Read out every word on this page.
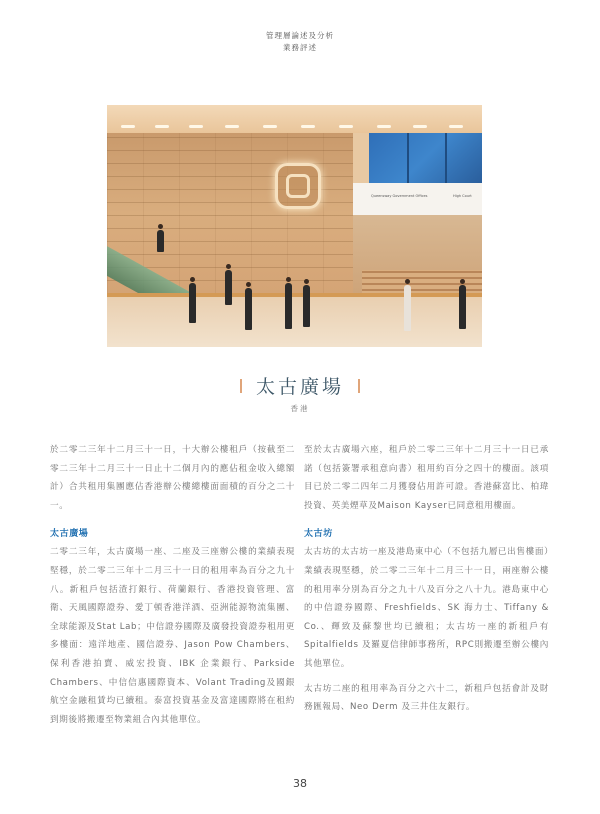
管理層論述及分析
業務評述
Queensway Government Offices	High Court
太古廣場
香港

於二零二三年十二月三十一日，十大辦公樓租戶（按截至二零二三年十二月三十一日止十二個月內的應佔租金收入總額計）合共租用集團應佔香港辦公樓總樓面面積的百分之二十一。

太古廣場

二零二三年，太古廣場一座、二座及三座辦公樓的業績表現堅穩，於二零二三年十二月三十一日的租用率為百分之九十八。新租戶包括渣打銀行、荷蘭銀行、香港投資管理、富衛、天風國際證券、愛丁頓香港洋酒、亞洲能源物流集團、全球能源及Stat Lab；中信證券國際及廣發投資證券租用更多樓面：遠洋地產、國信證券、Jason Pow Chambers、保利香港拍賣、威宏投資、IBK 企業銀行、Parkside Chambers、中信信惠國際資本、Volant Trading及國銀航空金融租賃均已續租。泰富投資基金及富達國際將在租約到期後將搬遷至物業組合內其他單位。

至於太古廣場六座，租戶於二零二三年十二月三十一日已承諾（包括簽署承租意向書）租用約百分之四十的樓面。該項目已於二零二四年二月獲發佔用許可證。香港蘇富比、柏瑋投資、英美煙草及Maison Kayser已同意租用樓面。

太古坊

太古坊的太古坊一座及港島東中心（不包括九層已出售樓面）業績表現堅穩，於二零二三年十二月三十一日，兩座辦公樓的租用率分別為百分之九十八及百分之八十九。港島東中心的中信證券國際、Freshfields、SK 海力士、Tiffany & Co.、輝致及蘇黎世均已續租；太古坊一座的新租戶有Spitalfields 及羅夏信律師事務所，RPC則搬遷至辦公樓內其他單位。

太古坊二座的租用率為百分之六十二，新租戶包括會計及財務匯報局、Neo Derm 及三井住友銀行。

38
